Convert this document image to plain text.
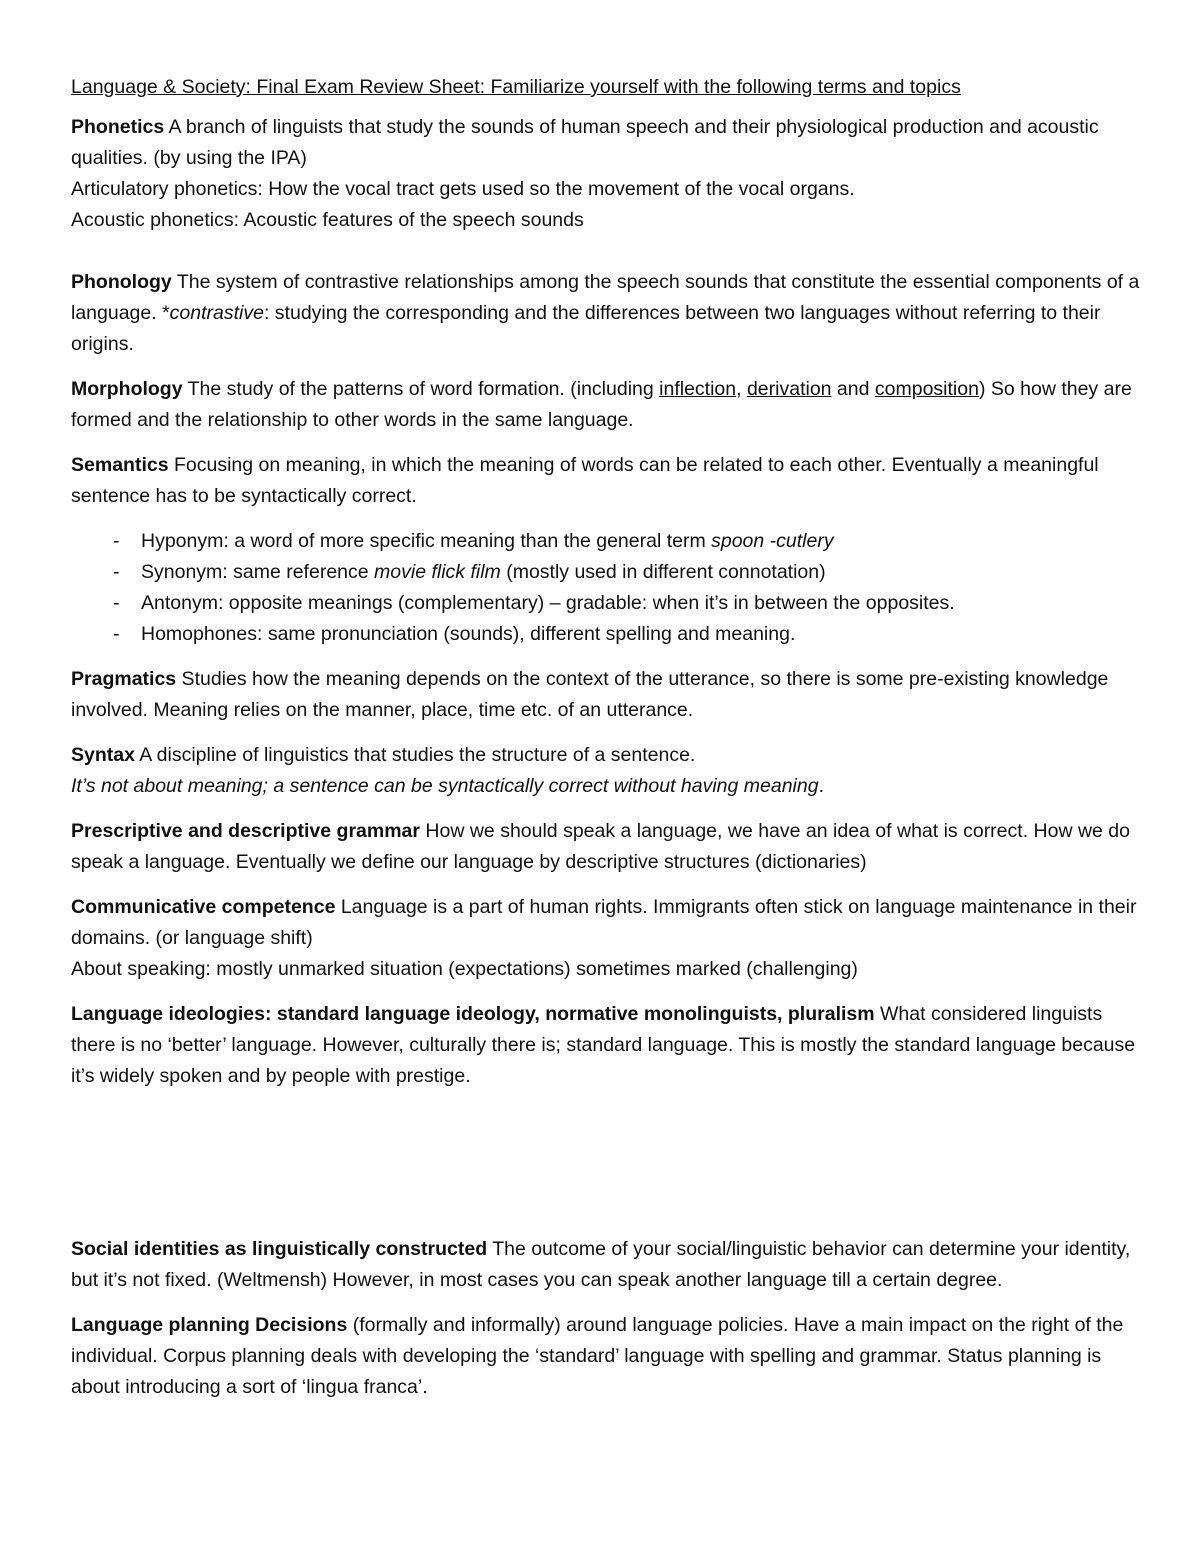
Language & Society: Final Exam Review Sheet: Familiarize yourself with the following terms and topics

Phonetics A branch of linguists that study the sounds of human speech and their physiological production and acoustic qualities. (by using the IPA)

Articulatory phonetics: How the vocal tract gets used so the movement of the vocal organs.

Acoustic phonetics: Acoustic features of the speech sounds

Phonology The system of contrastive relationships among the speech sounds that constitute the essential components of a language. *contrastive: studying the corresponding and the differences between two languages without referring to their origins.

Morphology The study of the patterns of word formation. (including inflection, derivation and composition) So how they are formed and the relationship to other words in the same language.

Semantics Focusing on meaning, in which the meaning of words can be related to each other. Eventually a meaningful sentence has to be syntactically correct.

- Hyponym: a word of more specific meaning than the general term spoon -cutlery
- Synonym: same reference movie flick film (mostly used in different connotation)
- Antonym: opposite meanings (complementary) – gradable: when it’s in between the opposites.
- Homophones: same pronunciation (sounds), different spelling and meaning.

Pragmatics Studies how the meaning depends on the context of the utterance, so there is some pre-existing knowledge involved. Meaning relies on the manner, place, time etc. of an utterance.

Syntax A discipline of linguistics that studies the structure of a sentence.

It’s not about meaning; a sentence can be syntactically correct without having meaning.

Prescriptive and descriptive grammar How we should speak a language, we have an idea of what is correct. How we do speak a language. Eventually we define our language by descriptive structures (dictionaries)

Communicative competence Language is a part of human rights. Immigrants often stick on language maintenance in their domains. (or language shift)

About speaking: mostly unmarked situation (expectations) sometimes marked (challenging)

Language ideologies: standard language ideology, normative monolinguists, pluralism What considered linguists there is no ‘better’ language. However, culturally there is; standard language. This is mostly the standard language because it’s widely spoken and by people with prestige.

Social identities as linguistically constructed The outcome of your social/linguistic behavior can determine your identity, but it’s not fixed. (Weltmensh) However, in most cases you can speak another language till a certain degree.

Language planning Decisions (formally and informally) around language policies. Have a main impact on the right of the individual. Corpus planning deals with developing the ‘standard’ language with spelling and grammar. Status planning is about introducing a sort of ‘lingua franca’.
